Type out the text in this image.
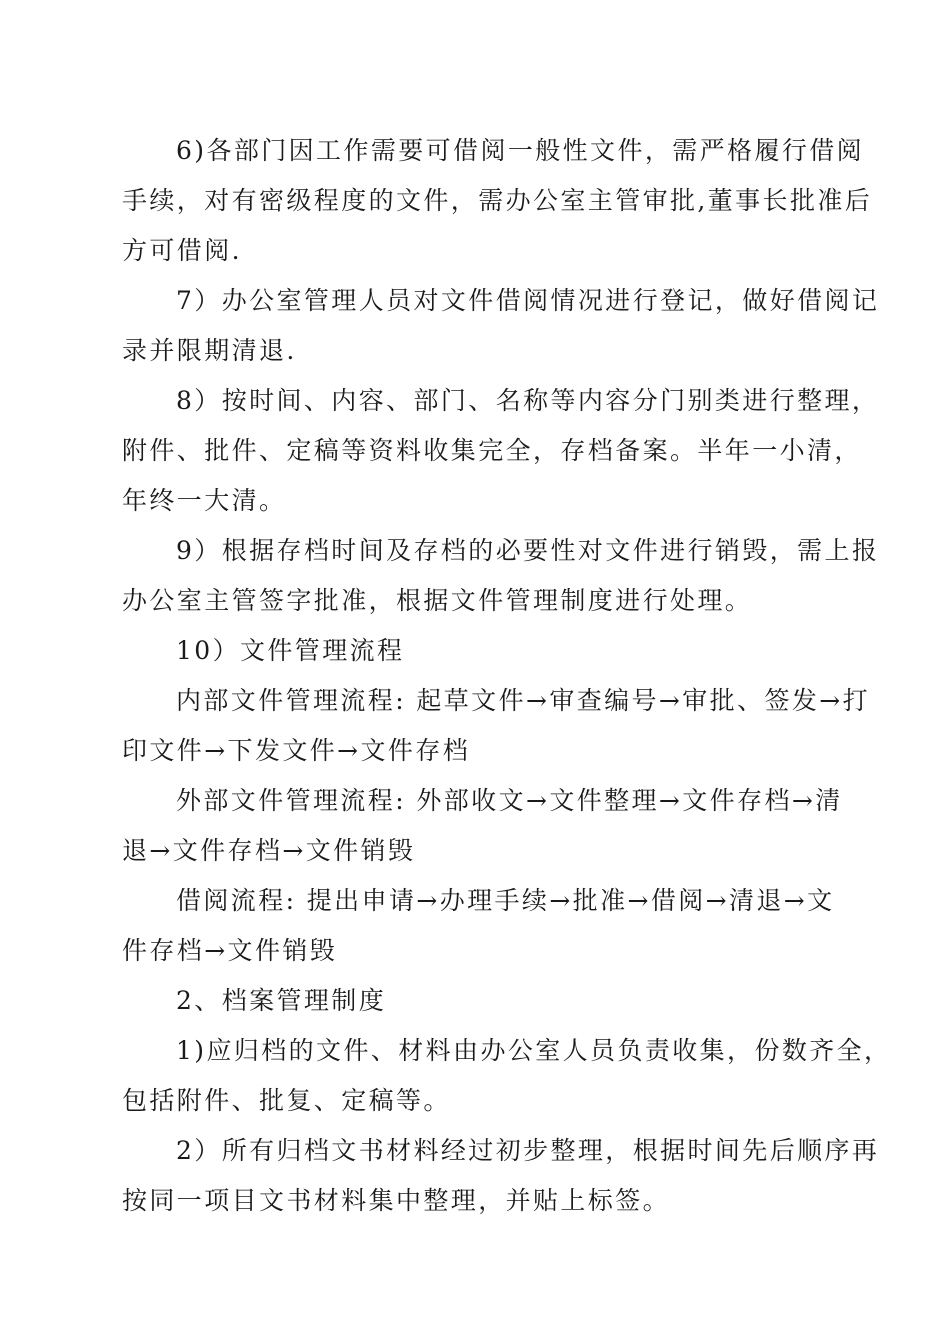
6)各部门因工作需要可借阅一般性文件，需严格履行借阅
手续，对有密级程度的文件，需办公室主管审批,董事长批准后
方可借阅.

7）办公室管理人员对文件借阅情况进行登记，做好借阅记
录并限期清退.

8）按时间、内容、部门、名称等内容分门别类进行整理，
附件、批件、定稿等资料收集完全，存档备案。半年一小清，
年终一大清。

9）根据存档时间及存档的必要性对文件进行销毁，需上报
办公室主管签字批准，根据文件管理制度进行处理。

10）文件管理流程

内部文件管理流程: 起草文件→审查编号→审批、签发→打
印文件→下发文件→文件存档

外部文件管理流程: 外部收文→文件整理→文件存档→清
退→文件存档→文件销毁

借阅流程: 提出申请→办理手续→批准→借阅→清退→文
件存档→文件销毁

2、档案管理制度

1)应归档的文件、材料由办公室人员负责收集，份数齐全，
包括附件、批复、定稿等。

2）所有归档文书材料经过初步整理，根据时间先后顺序再
按同一项目文书材料集中整理，并贴上标签。
